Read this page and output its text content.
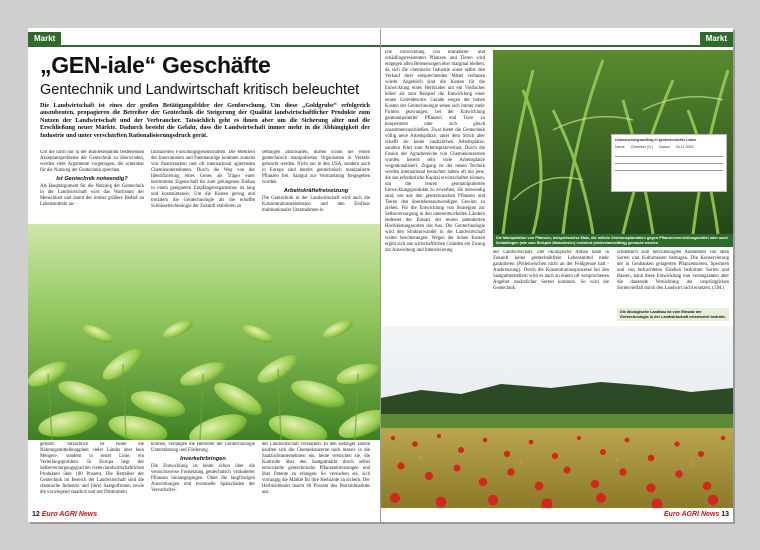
Markt
„GEN-iale“ Geschäfte
Gentechnik und Landwirtschaft kritisch beleuchtet
Die Landwirtschaft ist eines der großen Betätigungsfelder der Genforschung. Um diese „Goldgrube“ erfolgreich auszubeuten, propagieren die Betreiber der Gentechnik die Steigerung der Qualität landwirtschaftlicher Produkte zum Nutzen der Landwirtschaft und der Verbraucher. Tatsächlich geht es ihnen aber um die Sicherung alter und die Erschließung neuer Märkte. Dadurch besteht die Gefahr, dass die Landwirtschaft immer mehr in die Abhängigkeit der Industrie und unter verschärften Rationalisierungsdruck gerät.

Um die nicht nur in der Bundesrepublik bestehenden Akzeptanzprobleme der Gentechnik zu überwinden, werden viele Argumente vorgetragen, die scheinbar für die Nutzung der Gentechnik sprechen.

Ist Gentechnik notwendig?

Als Hauptargument für die Nutzung der Gentechnik in der Landwirtschaft wird das Wachstum der Menschheit und damit der immer größere Bedarf an Lebensmitteln an-

finanzierten Forschungsgesellschaften. Die Mehrheit der Innovationen und Patentanträge kommen zumeist von finanzstarken und oft international agierenden Chemieunternehmen. Durch die Weg von der Identifizierung eines Genes als Träger einer bestimmten Eigenschaft bis zum gelungenen Einbau in einen geeigneten Empfängerorganismus ist lang und kostenintensiv. Um die Kosten gering und trotzdem die Gentechnologie als die erhoffte Schlüsseltechnologie der Zukunft etablieren zu

settungen abzuwarten, dürfen schon die ersten gentechnisch manipulierten Organismen in Verkehr gebracht werden. Nicht nur in den USA, sondern auch in Europa sind bereits gentechnisch manipulierte Pflanzen frei. Saatgut zur Vermarktung freigegeben worden.

Arbeitskräftefreisetzung

Die Gentechnik in der Landwirtschaft wird auch die Konzentrationstendenzen und den Einfluss multinationaler Unternehmen in

geführt. Tatsächlich ist heute die Nahrungsmittelknappheit vieler Länder aber kein Mengen-, sondern in erster Linie, ein Verteilungsproblem. In Europa liegt der Selbstversorgungsgrad bei vielen landwirtschaftlichen Produkten über 100 Prozent. Die Betreiber der Gentechnik im Bereich der Landwirtschaft sind die chemische Industrie und (ihre) Saatgutfirmen sowie die vorwiegend staatlich und mit Drittmitteln

können, verlangen die Betreiber der Gentechnologie Unterstützung und Förderung.

Inverkehrbringen

Die Entwicklung ist heute schon über die versuchsweise Freisetzung gentechnisch veränderter Pflanzen hinausgegangen. Ohne die langfristigen Auswirkungen und eventuelle Spätschäden der Versuchsfrei-

der Landwirtschaft verstärken. In den siebziger Jahren kauften sich die Chemiekonzerne nach massiv in die Saatzuchtunternehmen ein, heute versuchen sie, die Kontrolle über den Saatgutmarkt durch selbst entwickelte gentechnische Pflanzenkreuzungen und über Patente zu erlangen. So versuchen sie, sich vorrangig die Märkte für ihre Herbizide zu sichern. Der Herbizidmarkt macht 60 Prozent des Pestizidmarktes aus.

12 Euro AGRI News
Markt

Die Entwicklung von krankheits- und schädlingsresistenten Pflanzen und Tieren wird entgegen allen Beteuerungen eher marginal bleiben, da sich die chemische Industrie sonst selbst den Verkauf ihrer entsprechenden Mittel verbauen würde. Angeblich sind die Kosten für die Entwicklung eines Herbizides um ein Vielfaches höher als zum Beispiel die Entwicklung einer neuen Getreidesorte. Gerade wegen der hohen Kosten der Gentechnologie sehen sich immer mehr Firmen gezwungen, bei der Entwicklung genmanipulierter Pflanzen und Tiere zu kooperieren oder sich gleich zusammenzuschließen. Zwar bietet die Gentechnik völlig neue Arbeitsplätze, unter dem Strich aber schafft sie keine zusätzlichen Arbeitsplätze, sondern führt zum Arbeitsplatzverlust. Durch die Fusion der Agrarbereiche von Chemiekonzernen wurden bereits sehr viele Arbeitsplätze wegrationalisiert. Zugang zu der neuen Technik werden international betrachtet haben oft nur jene, die das erforderliche Kapital erwirtschaften können, um die teuren genmanipulierten Entwicklungsprodukte zu erwerben, die notwendig sind, um aus den gentechnischen Pflanzen und Tieren den überlebensnotwendigen Gewinn zu ziehen. Für die Entwicklung von Strategien zur Selbstversorgung in den unterentwickelten Ländern bedeutet der Einsatz der teuren patentierten Hochleistungssorten das Aus. Die Gentechnologie wird den Strukturwandel in der Landwirtschaft weiter beschleunigen. Wegen der hohen Kosten ergibt sich aus wirtschaftlichen Gründen ein Zwang zur Ausweitung und Intensivierung

Untersuchungsauftrag in gentechnischer Labor
Name Chemiker (G.) Datum 04.11.2002
Die Manipulation von Pflanzen, beispielsweise Mais, die mittels Gentransplantation gegen Pflanzenvernichtungsmittel oder auch Schädlingen (wie zum Beispiel Maiszünsler) resistent (widerstandsfähig) gemacht werden

der Landwirtschaft. Der ökologische Anbau kann in Zukunft keine gentechnikfreie Lebensmittel mehr garantieren (Pollenwischen nicht an der Feldgrenze halt - Auskreuzung). Durch die Konzentrationsprozesse bei den Saatgutherstellern wird es auch zu einem oft versprochenen Angebot zusätzlicher Sorten kommen. So wird die Gentechnik

schließlich zum beschleunigten Aussterben von alten Sorten und Kulturrassen beitragen. Die Konservierung der in Genbanken gelagerten Pflanzensorten, Spermien und von befruchteten Eizellen bedrohter Sorten und Rassen, kann diese Entwicklung nun verlangsamen aber die dauernde Vernichtung der ursprünglichen Sortenvielfalt durch den Landwirt nicht ersetzen. (J.M.)

Die ökologische Landbau ist vom Einsatz der Gentechnologie in der Landwirtschaft existenziell bedroht.
Euro AGRI News 13
